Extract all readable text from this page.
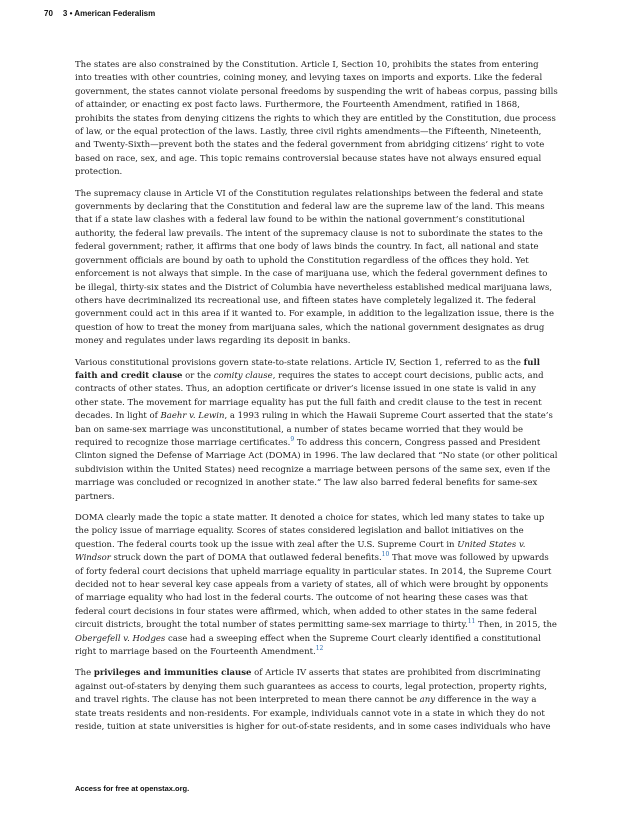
70 3 • American Federalism

The states are also constrained by the Constitution. Article I, Section 10, prohibits the states from entering into treaties with other countries, coining money, and levying taxes on imports and exports. Like the federal government, the states cannot violate personal freedoms by suspending the writ of habeas corpus, passing bills of attainder, or enacting ex post facto laws. Furthermore, the Fourteenth Amendment, ratified in 1868, prohibits the states from denying citizens the rights to which they are entitled by the Constitution, due process of law, or the equal protection of the laws. Lastly, three civil rights amendments—the Fifteenth, Nineteenth, and Twenty-Sixth—prevent both the states and the federal government from abridging citizens’ right to vote based on race, sex, and age. This topic remains controversial because states have not always ensured equal protection.

The supremacy clause in Article VI of the Constitution regulates relationships between the federal and state governments by declaring that the Constitution and federal law are the supreme law of the land. This means that if a state law clashes with a federal law found to be within the national government’s constitutional authority, the federal law prevails. The intent of the supremacy clause is not to subordinate the states to the federal government; rather, it affirms that one body of laws binds the country. In fact, all national and state government officials are bound by oath to uphold the Constitution regardless of the offices they hold. Yet enforcement is not always that simple. In the case of marijuana use, which the federal government defines to be illegal, thirty-six states and the District of Columbia have nevertheless established medical marijuana laws, others have decriminalized its recreational use, and fifteen states have completely legalized it. The federal government could act in this area if it wanted to. For example, in addition to the legalization issue, there is the question of how to treat the money from marijuana sales, which the national government designates as drug money and regulates under laws regarding its deposit in banks.

Various constitutional provisions govern state-to-state relations. Article IV, Section 1, referred to as the full faith and credit clause or the comity clause, requires the states to accept court decisions, public acts, and contracts of other states. Thus, an adoption certificate or driver’s license issued in one state is valid in any other state. The movement for marriage equality has put the full faith and credit clause to the test in recent decades. In light of Baehr v. Lewin, a 1993 ruling in which the Hawaii Supreme Court asserted that the state’s ban on same-sex marriage was unconstitutional, a number of states became worried that they would be required to recognize those marriage certificates.$^9$ To address this concern, Congress passed and President Clinton signed the Defense of Marriage Act (DOMA) in 1996. The law declared that “No state (or other political subdivision within the United States) need recognize a marriage between persons of the same sex, even if the marriage was concluded or recognized in another state.” The law also barred federal benefits for same-sex partners.

DOMA clearly made the topic a state matter. It denoted a choice for states, which led many states to take up the policy issue of marriage equality. Scores of states considered legislation and ballot initiatives on the question. The federal courts took up the issue with zeal after the U.S. Supreme Court in United States v. Windsor struck down the part of DOMA that outlawed federal benefits.$^{10}$ That move was followed by upwards of forty federal court decisions that upheld marriage equality in particular states. In 2014, the Supreme Court decided not to hear several key case appeals from a variety of states, all of which were brought by opponents of marriage equality who had lost in the federal courts. The outcome of not hearing these cases was that federal court decisions in four states were affirmed, which, when added to other states in the same federal circuit districts, brought the total number of states permitting same-sex marriage to thirty.$^{11}$ Then, in 2015, the Obergefell v. Hodges case had a sweeping effect when the Supreme Court clearly identified a constitutional right to marriage based on the Fourteenth Amendment.$^{12}$

The privileges and immunities clause of Article IV asserts that states are prohibited from discriminating against out-of-staters by denying them such guarantees as access to courts, legal protection, property rights, and travel rights. The clause has not been interpreted to mean there cannot be any difference in the way a state treats residents and non-residents. For example, individuals cannot vote in a state in which they do not reside, tuition at state universities is higher for out-of-state residents, and in some cases individuals who have

Access for free at openstax.org.
